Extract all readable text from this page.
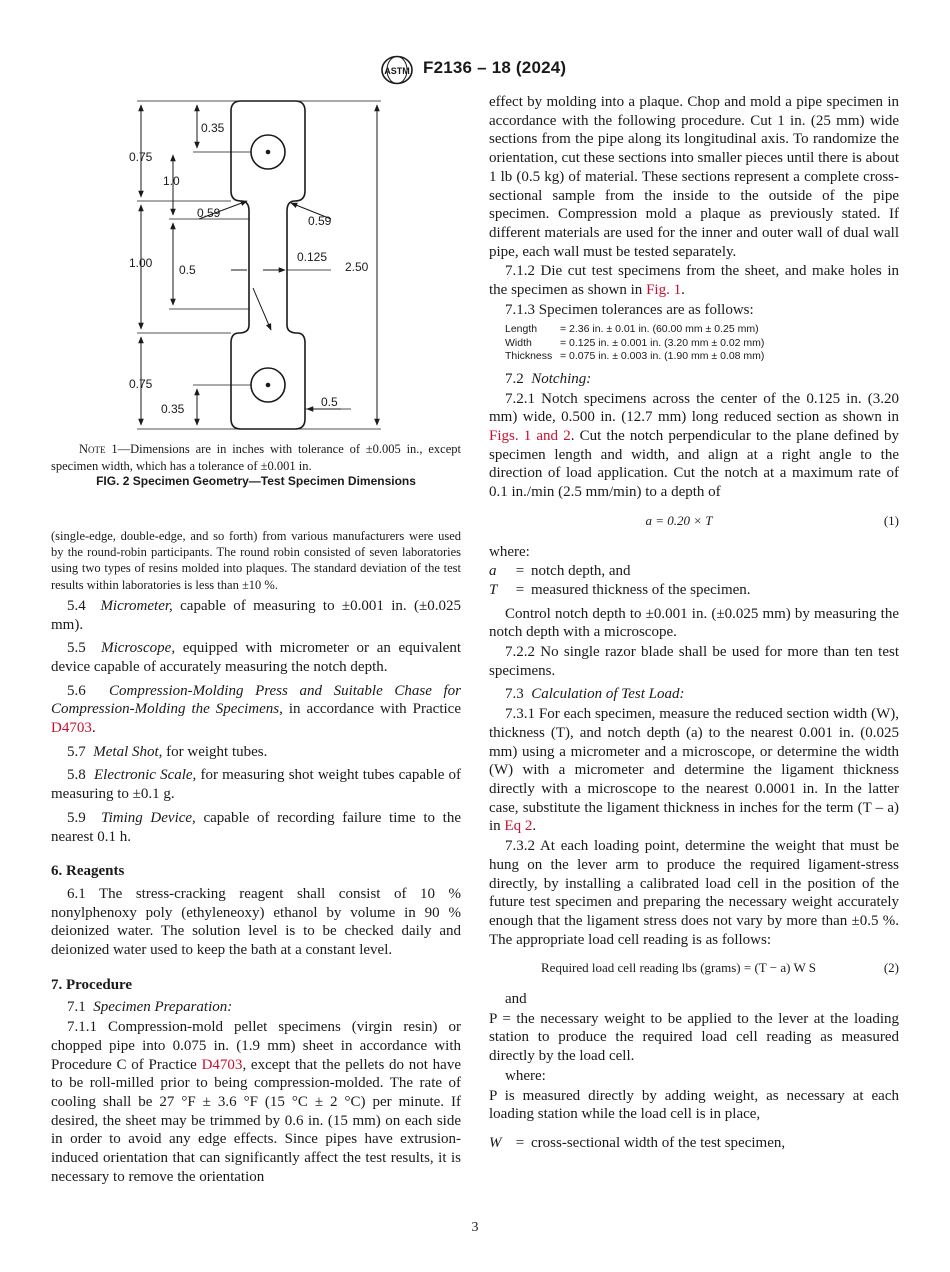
ASTM F2136 – 18 (2024)
0.35
0.75
1.0
0.59
0.59
0.125
1.00 0.5	2.50
0.75
0.35	0.5
Note 1—Dimensions are in inches with tolerance of ±0.005 in., except specimen width, which has a tolerance of ±0.001 in.
FIG. 2 Specimen Geometry—Test Specimen Dimensions
(single-edge, double-edge, and so forth) from various manufacturers were used by the round-robin participants. The round robin consisted of seven laboratories using two types of resins molded into plaques. The standard deviation of the test results within laboratories is less than ±10 %.
5.4 Micrometer, capable of measuring to ±0.001 in. (±0.025 mm).
5.5 Microscope, equipped with micrometer or an equivalent device capable of accurately measuring the notch depth.
5.6 Compression-Molding Press and Suitable Chase for Compression-Molding the Specimens, in accordance with Practice D4703.
5.7 Metal Shot, for weight tubes.
5.8 Electronic Scale, for measuring shot weight tubes capable of measuring to ±0.1 g.
5.9 Timing Device, capable of recording failure time to the nearest 0.1 h.
6. Reagents
6.1 The stress-cracking reagent shall consist of 10 % nonylphenoxy poly (ethyleneoxy) ethanol by volume in 90 % deionized water. The solution level is to be checked daily and deionized water used to keep the bath at a constant level.
7. Procedure
7.1 Specimen Preparation:
7.1.1 Compression-mold pellet specimens (virgin resin) or chopped pipe into 0.075 in. (1.9 mm) sheet in accordance with Procedure C of Practice D4703, except that the pellets do not have to be roll-milled prior to being compression-molded. The rate of cooling shall be 27 °F ± 3.6 °F (15 °C ± 2 °C) per minute. If desired, the sheet may be trimmed by 0.6 in. (15 mm) on each side in order to avoid any edge effects. Since pipes have extrusion-induced orientation that can significantly affect the test results, it is necessary to remove the orientation
effect by molding into a plaque. Chop and mold a pipe specimen in accordance with the following procedure. Cut 1 in. (25 mm) wide sections from the pipe along its longitudinal axis. To randomize the orientation, cut these sections into smaller pieces until there is about 1 lb (0.5 kg) of material. These sections represent a complete cross-sectional sample from the inside to the outside of the pipe specimen. Compression mold a plaque as previously stated. If different materials are used for the inner and outer wall of dual wall pipe, each wall must be tested separately.
7.1.2 Die cut test specimens from the sheet, and make holes in the specimen as shown in Fig. 1.
7.1.3 Specimen tolerances are as follows:
Length	= 2.36 in. ± 0.01 in. (60.00 mm ± 0.25 mm)
Width	= 0.125 in. ± 0.001 in. (3.20 mm ± 0.02 mm)
Thickness = 0.075 in. ± 0.003 in. (1.90 mm ± 0.08 mm)
7.2 Notching:
7.2.1 Notch specimens across the center of the 0.125 in. (3.20 mm) wide, 0.500 in. (12.7 mm) long reduced section as shown in Figs. 1 and 2. Cut the notch perpendicular to the plane defined by specimen length and width, and align at a right angle to the direction of load application. Cut the notch at a maximum rate of 0.1 in./min (2.5 mm/min) to a depth of
a = 0.20 × T	(1)
where:
a	= notch depth, and
T	= measured thickness of the specimen.
Control notch depth to ±0.001 in. (±0.025 mm) by measuring the notch depth with a microscope.
7.2.2 No single razor blade shall be used for more than ten test specimens.
7.3 Calculation of Test Load:
7.3.1 For each specimen, measure the reduced section width (W), thickness (T), and notch depth (a) to the nearest 0.001 in. (0.025 mm) using a micrometer and a microscope, or determine the width (W) with a micrometer and determine the ligament thickness directly with a microscope to the nearest 0.0001 in. In the latter case, substitute the ligament thickness in inches for the term (T – a) in Eq 2.
7.3.2 At each loading point, determine the weight that must be hung on the lever arm to produce the required ligament-stress directly, by installing a calibrated load cell in the position of the future test specimen and preparing the necessary weight accurately enough that the ligament stress does not vary by more than ±0.5 %. The appropriate load cell reading is as follows:
Required load cell reading lbs (grams) = (T − a) W S	(2)
and
P = the necessary weight to be applied to the lever at the loading station to produce the required load cell reading as measured directly by the load cell.
where:
P is measured directly by adding weight, as necessary at each loading station while the load cell is in place,
W = cross-sectional width of the test specimen,
3
